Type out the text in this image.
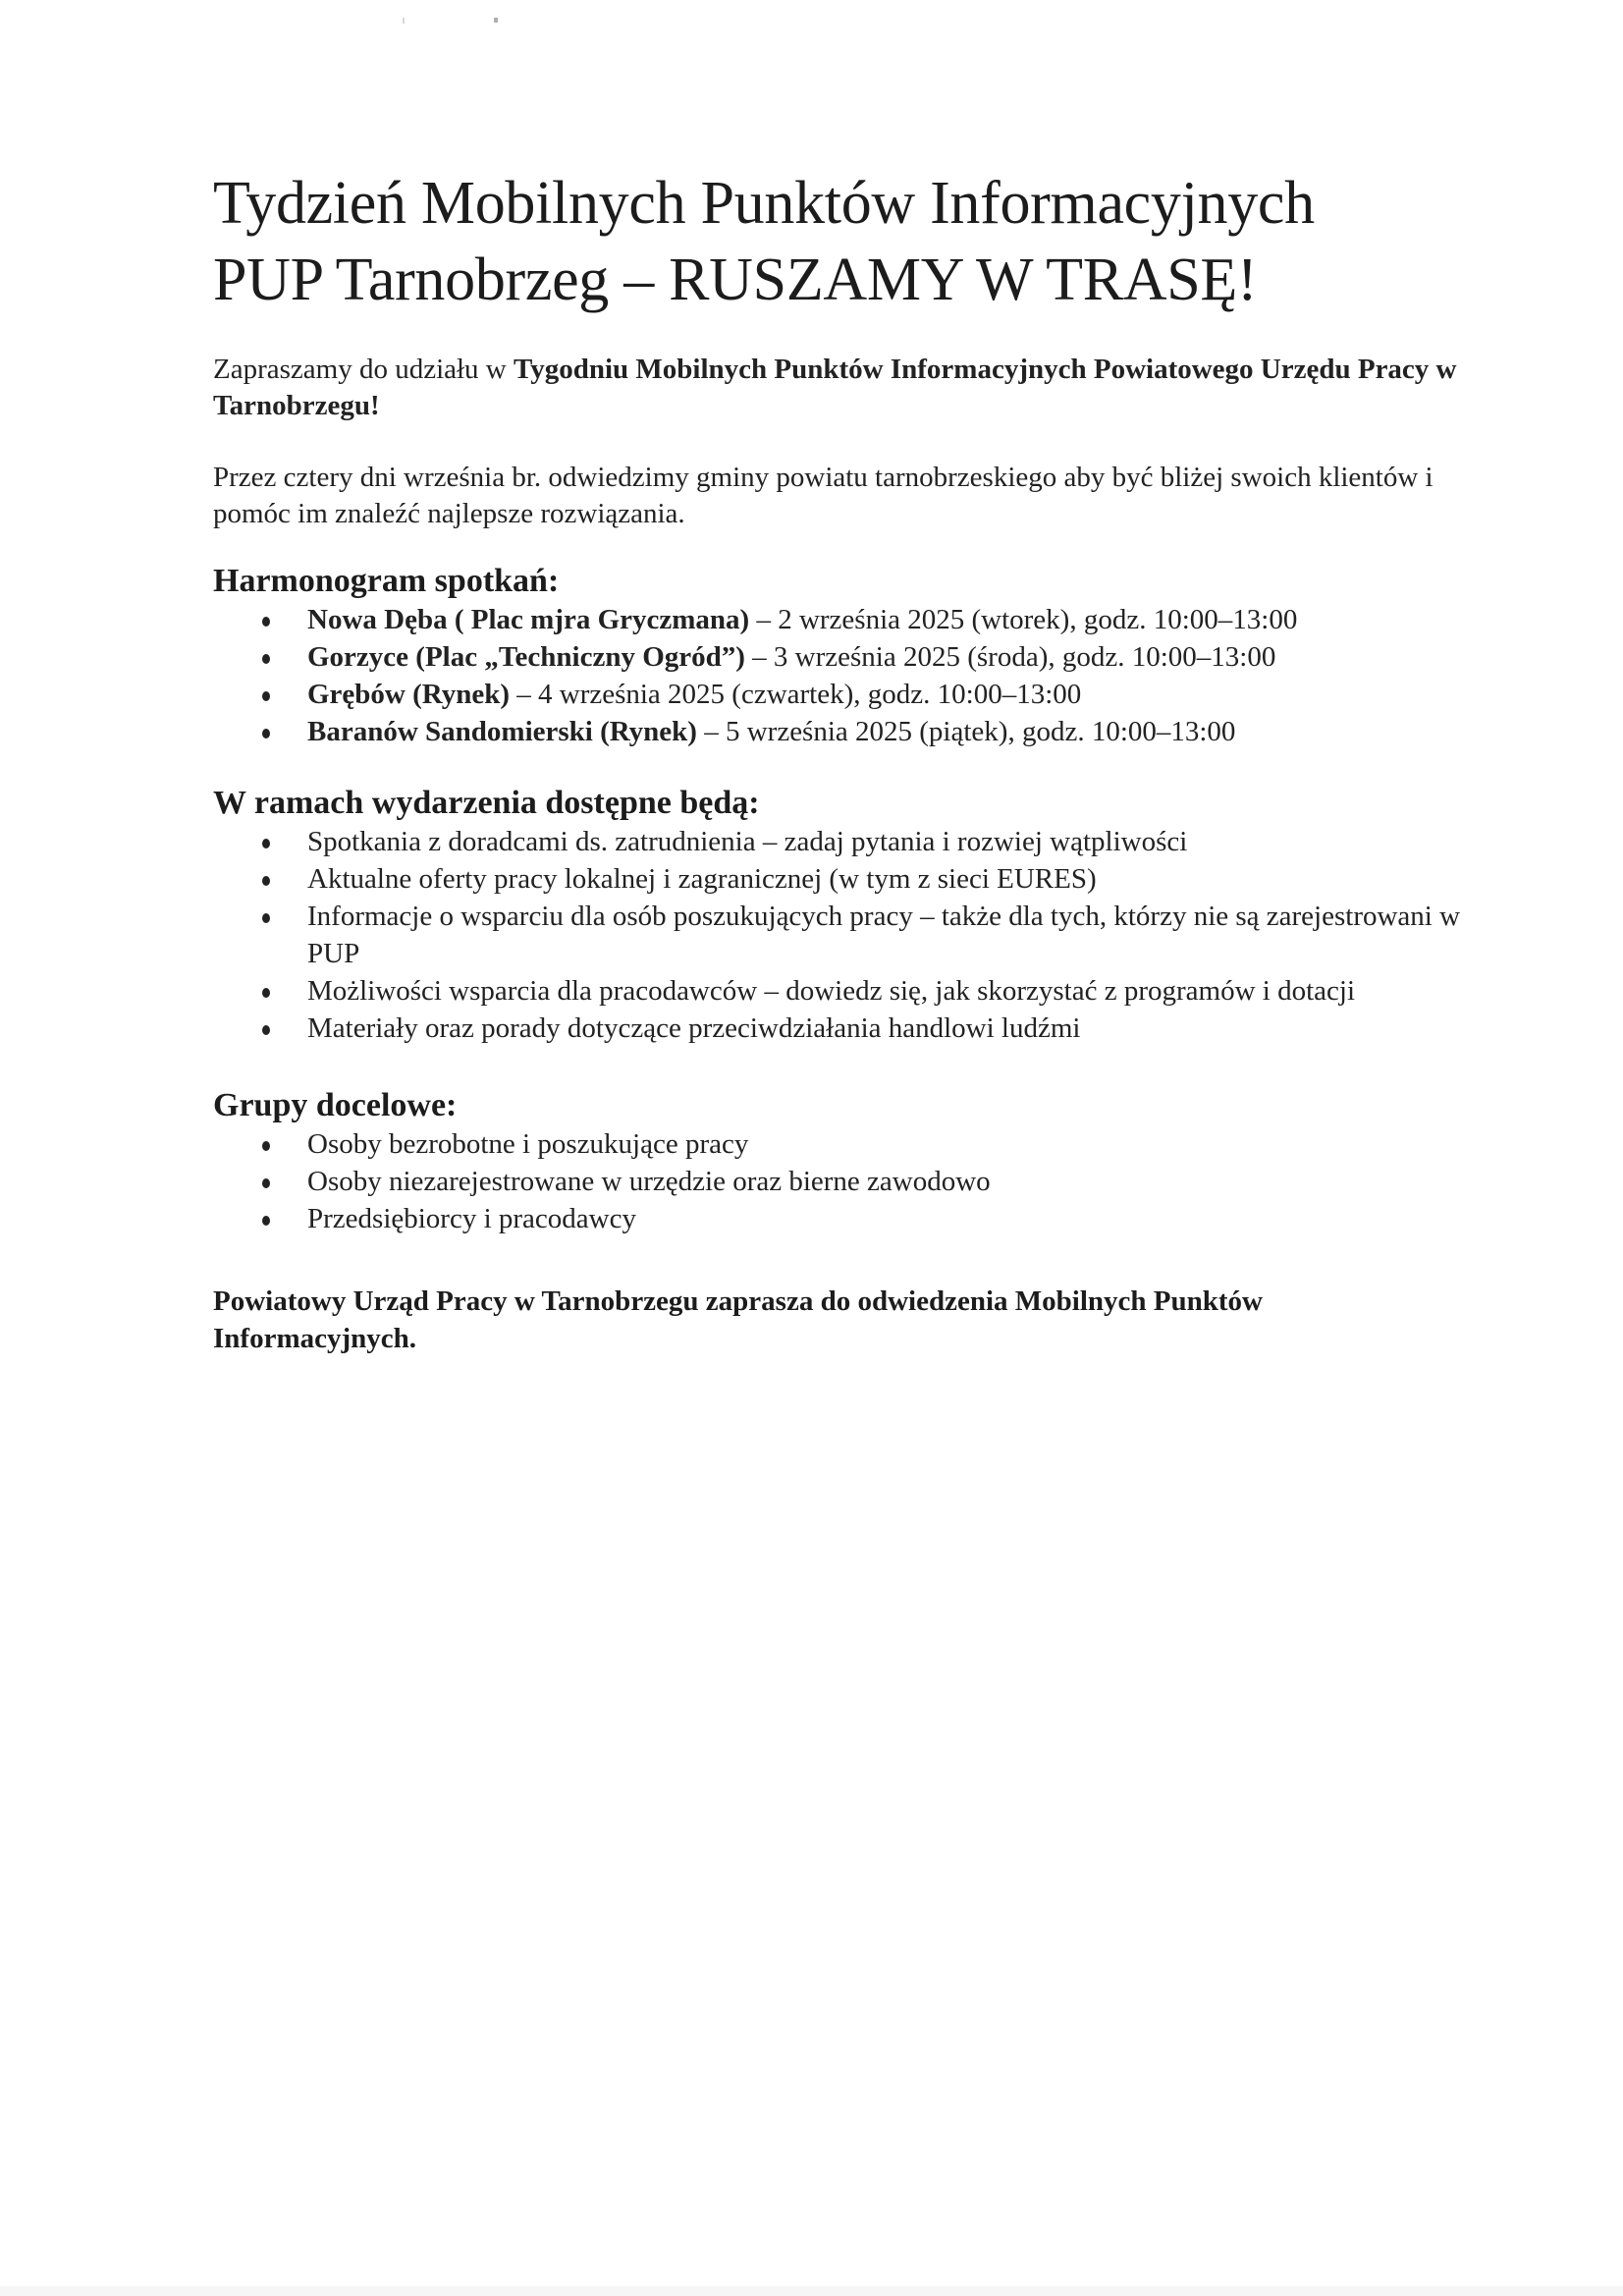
Tydzień Mobilnych Punktów Informacyjnych
PUP Tarnobrzeg – RUSZAMY W TRASĘ!

Zapraszamy do udziału w Tygodniu Mobilnych Punktów Informacyjnych Powiatowego Urzędu Pracy w Tarnobrzegu!

Przez cztery dni września br. odwiedzimy gminy powiatu tarnobrzeskiego aby być bliżej swoich klientów i pomóc im znaleźć najlepsze rozwiązania.

Harmonogram spotkań:
Nowa Dęba ( Plac mjra Gryczmana) – 2 września 2025 (wtorek), godz. 10:00–13:00
Gorzyce (Plac „Techniczny Ogród”) – 3 września 2025 (środa), godz. 10:00–13:00
Grębów (Rynek) – 4 września 2025 (czwartek), godz. 10:00–13:00
Baranów Sandomierski (Rynek) – 5 września 2025 (piątek), godz. 10:00–13:00
W ramach wydarzenia dostępne będą:
Spotkania z doradcami ds. zatrudnienia – zadaj pytania i rozwiej wątpliwości
Aktualne oferty pracy lokalnej i zagranicznej (w tym z sieci EURES)
Informacje o wsparciu dla osób poszukujących pracy – także dla tych, którzy nie są zarejestrowani w PUP
Możliwości wsparcia dla pracodawców – dowiedz się, jak skorzystać z programów i dotacji
Materiały oraz porady dotyczące przeciwdziałania handlowi ludźmi
Grupy docelowe:
Osoby bezrobotne i poszukujące pracy
Osoby niezarejestrowane w urzędzie oraz bierne zawodowo
Przedsiębiorcy i pracodawcy

Powiatowy Urząd Pracy w Tarnobrzegu zaprasza do odwiedzenia Mobilnych Punktów Informacyjnych.
